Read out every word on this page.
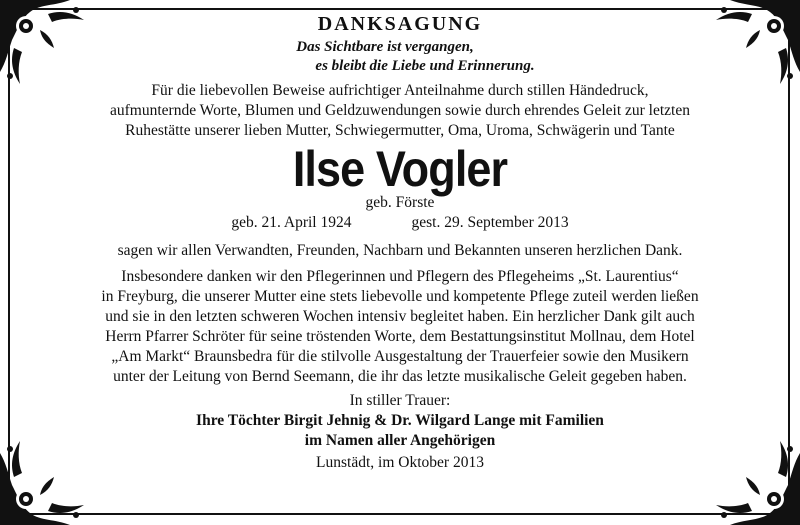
DANKSAGUNG
Das Sichtbare ist vergangen,
es bleibt die Liebe und Erinnerung.
Für die liebevollen Beweise aufrichtiger Anteilnahme durch stillen Händedruck,
aufmunternde Worte, Blumen und Geldzuwendungen sowie durch ehrendes Geleit zur letzten
Ruhestätte unserer lieben Mutter, Schwiegermutter, Oma, Uroma, Schwägerin und Tante
Ilse Vogler
geb. Förste
geb. 21. April 1924	gest. 29. September 2013
sagen wir allen Verwandten, Freunden, Nachbarn und Bekannten unseren herzlichen Dank.
Insbesondere danken wir den Pflegerinnen und Pflegern des Pflegeheims „St. Laurentius“
in Freyburg, die unserer Mutter eine stets liebevolle und kompetente Pflege zuteil werden ließen
und sie in den letzten schweren Wochen intensiv begleitet haben. Ein herzlicher Dank gilt auch
Herrn Pfarrer Schröter für seine tröstenden Worte, dem Bestattungsinstitut Mollnau, dem Hotel
„Am Markt“ Braunsbedra für die stilvolle Ausgestaltung der Trauerfeier sowie den Musikern
unter der Leitung von Bernd Seemann, die ihr das letzte musikalische Geleit gegeben haben.
In stiller Trauer:
Ihre Töchter Birgit Jehnig & Dr. Wilgard Lange mit Familien
im Namen aller Angehörigen
Lunstädt, im Oktober 2013
